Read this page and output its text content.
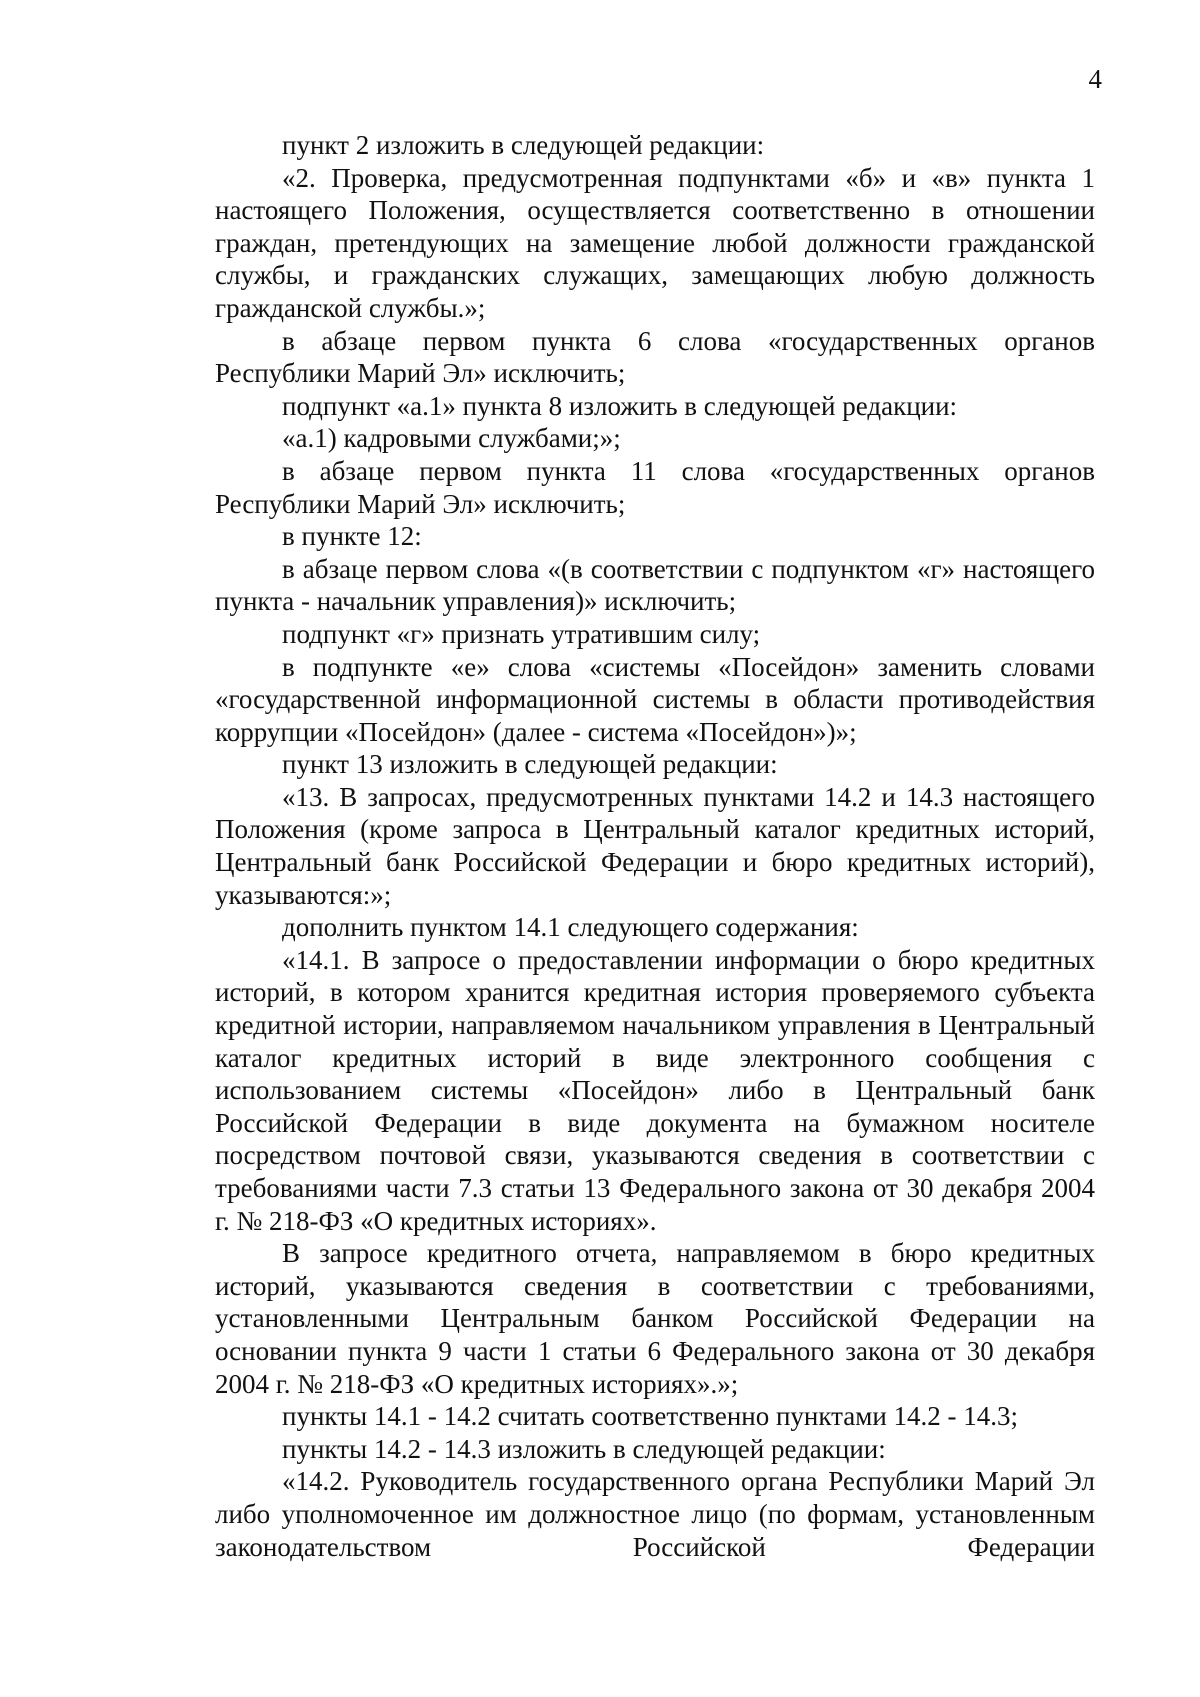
4

пункт 2 изложить в следующей редакции:

«2. Проверка, предусмотренная подпунктами «б» и «в» пункта 1 настоящего Положения, осуществляется соответственно в отношении граждан, претендующих на замещение любой должности гражданской службы, и гражданских служащих, замещающих любую должность гражданской службы.»;

в абзаце первом пункта 6 слова «государственных органов Республики Марий Эл» исключить;

подпункт «а.1» пункта 8 изложить в следующей редакции:

«а.1) кадровыми службами;»;

в абзаце первом пункта 11 слова «государственных органов Республики Марий Эл» исключить;

в пункте 12:

в абзаце первом слова «(в соответствии с подпунктом «г» настоящего пункта - начальник управления)» исключить;

подпункт «г» признать утратившим силу;

в подпункте «е» слова «системы «Посейдон» заменить словами «государственной информационной системы в области противодействия коррупции «Посейдон» (далее - система «Посейдон»)»;

пункт 13 изложить в следующей редакции:

«13. В запросах, предусмотренных пунктами 14.2 и 14.3 настоящего Положения (кроме запроса в Центральный каталог кредитных историй, Центральный банк Российской Федерации и бюро кредитных историй), указываются:»;

дополнить пунктом 14.1 следующего содержания:

«14.1. В запросе о предоставлении информации о бюро кредитных историй, в котором хранится кредитная история проверяемого субъекта кредитной истории, направляемом начальником управления в Центральный каталог кредитных историй в виде электронного сообщения с использованием системы «Посейдон» либо в Центральный банк Российской Федерации в виде документа на бумажном носителе посредством почтовой связи, указываются сведения в соответствии с требованиями части 7.3 статьи 13 Федерального закона от 30 декабря 2004 г. № 218-ФЗ «О кредитных историях».

В запросе кредитного отчета, направляемом в бюро кредитных историй, указываются сведения в соответствии с требованиями, установленными Центральным банком Российской Федерации на основании пункта 9 части 1 статьи 6 Федерального закона от 30 декабря 2004 г. № 218-ФЗ «О кредитных историях».»;

пункты 14.1 - 14.2 считать соответственно пунктами 14.2 - 14.3;

пункты 14.2 - 14.3 изложить в следующей редакции:

«14.2. Руководитель государственного органа Республики Марий Эл либо уполномоченное им должностное лицо (по формам, установленным законодательством Российской Федерации
